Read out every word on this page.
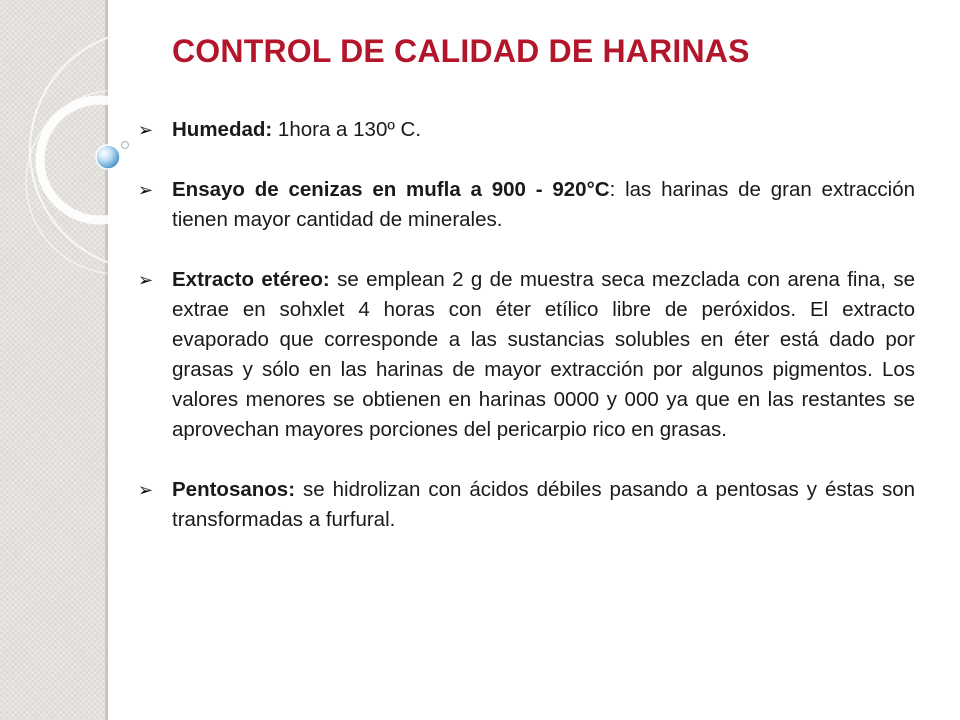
CONTROL DE CALIDAD DE HARINAS
➢ Humedad: 1hora a 130º C.
➢ Ensayo de cenizas en mufla a 900 - 920°C: las harinas de gran extracción tienen mayor cantidad de minerales.
➢ Extracto etéreo: se emplean 2 g de muestra seca mezclada con arena fina, se extrae en sohxlet 4 horas con éter etílico libre de peróxidos. El extracto evaporado que corresponde a las sustancias solubles en éter está dado por grasas y sólo en las harinas de mayor extracción por algunos pigmentos. Los valores menores se obtienen en harinas 0000 y 000 ya que en las restantes se aprovechan mayores porciones del pericarpio rico en grasas.
➢ Pentosanos: se hidrolizan con ácidos débiles pasando a pentosas y éstas son transformadas a furfural.
